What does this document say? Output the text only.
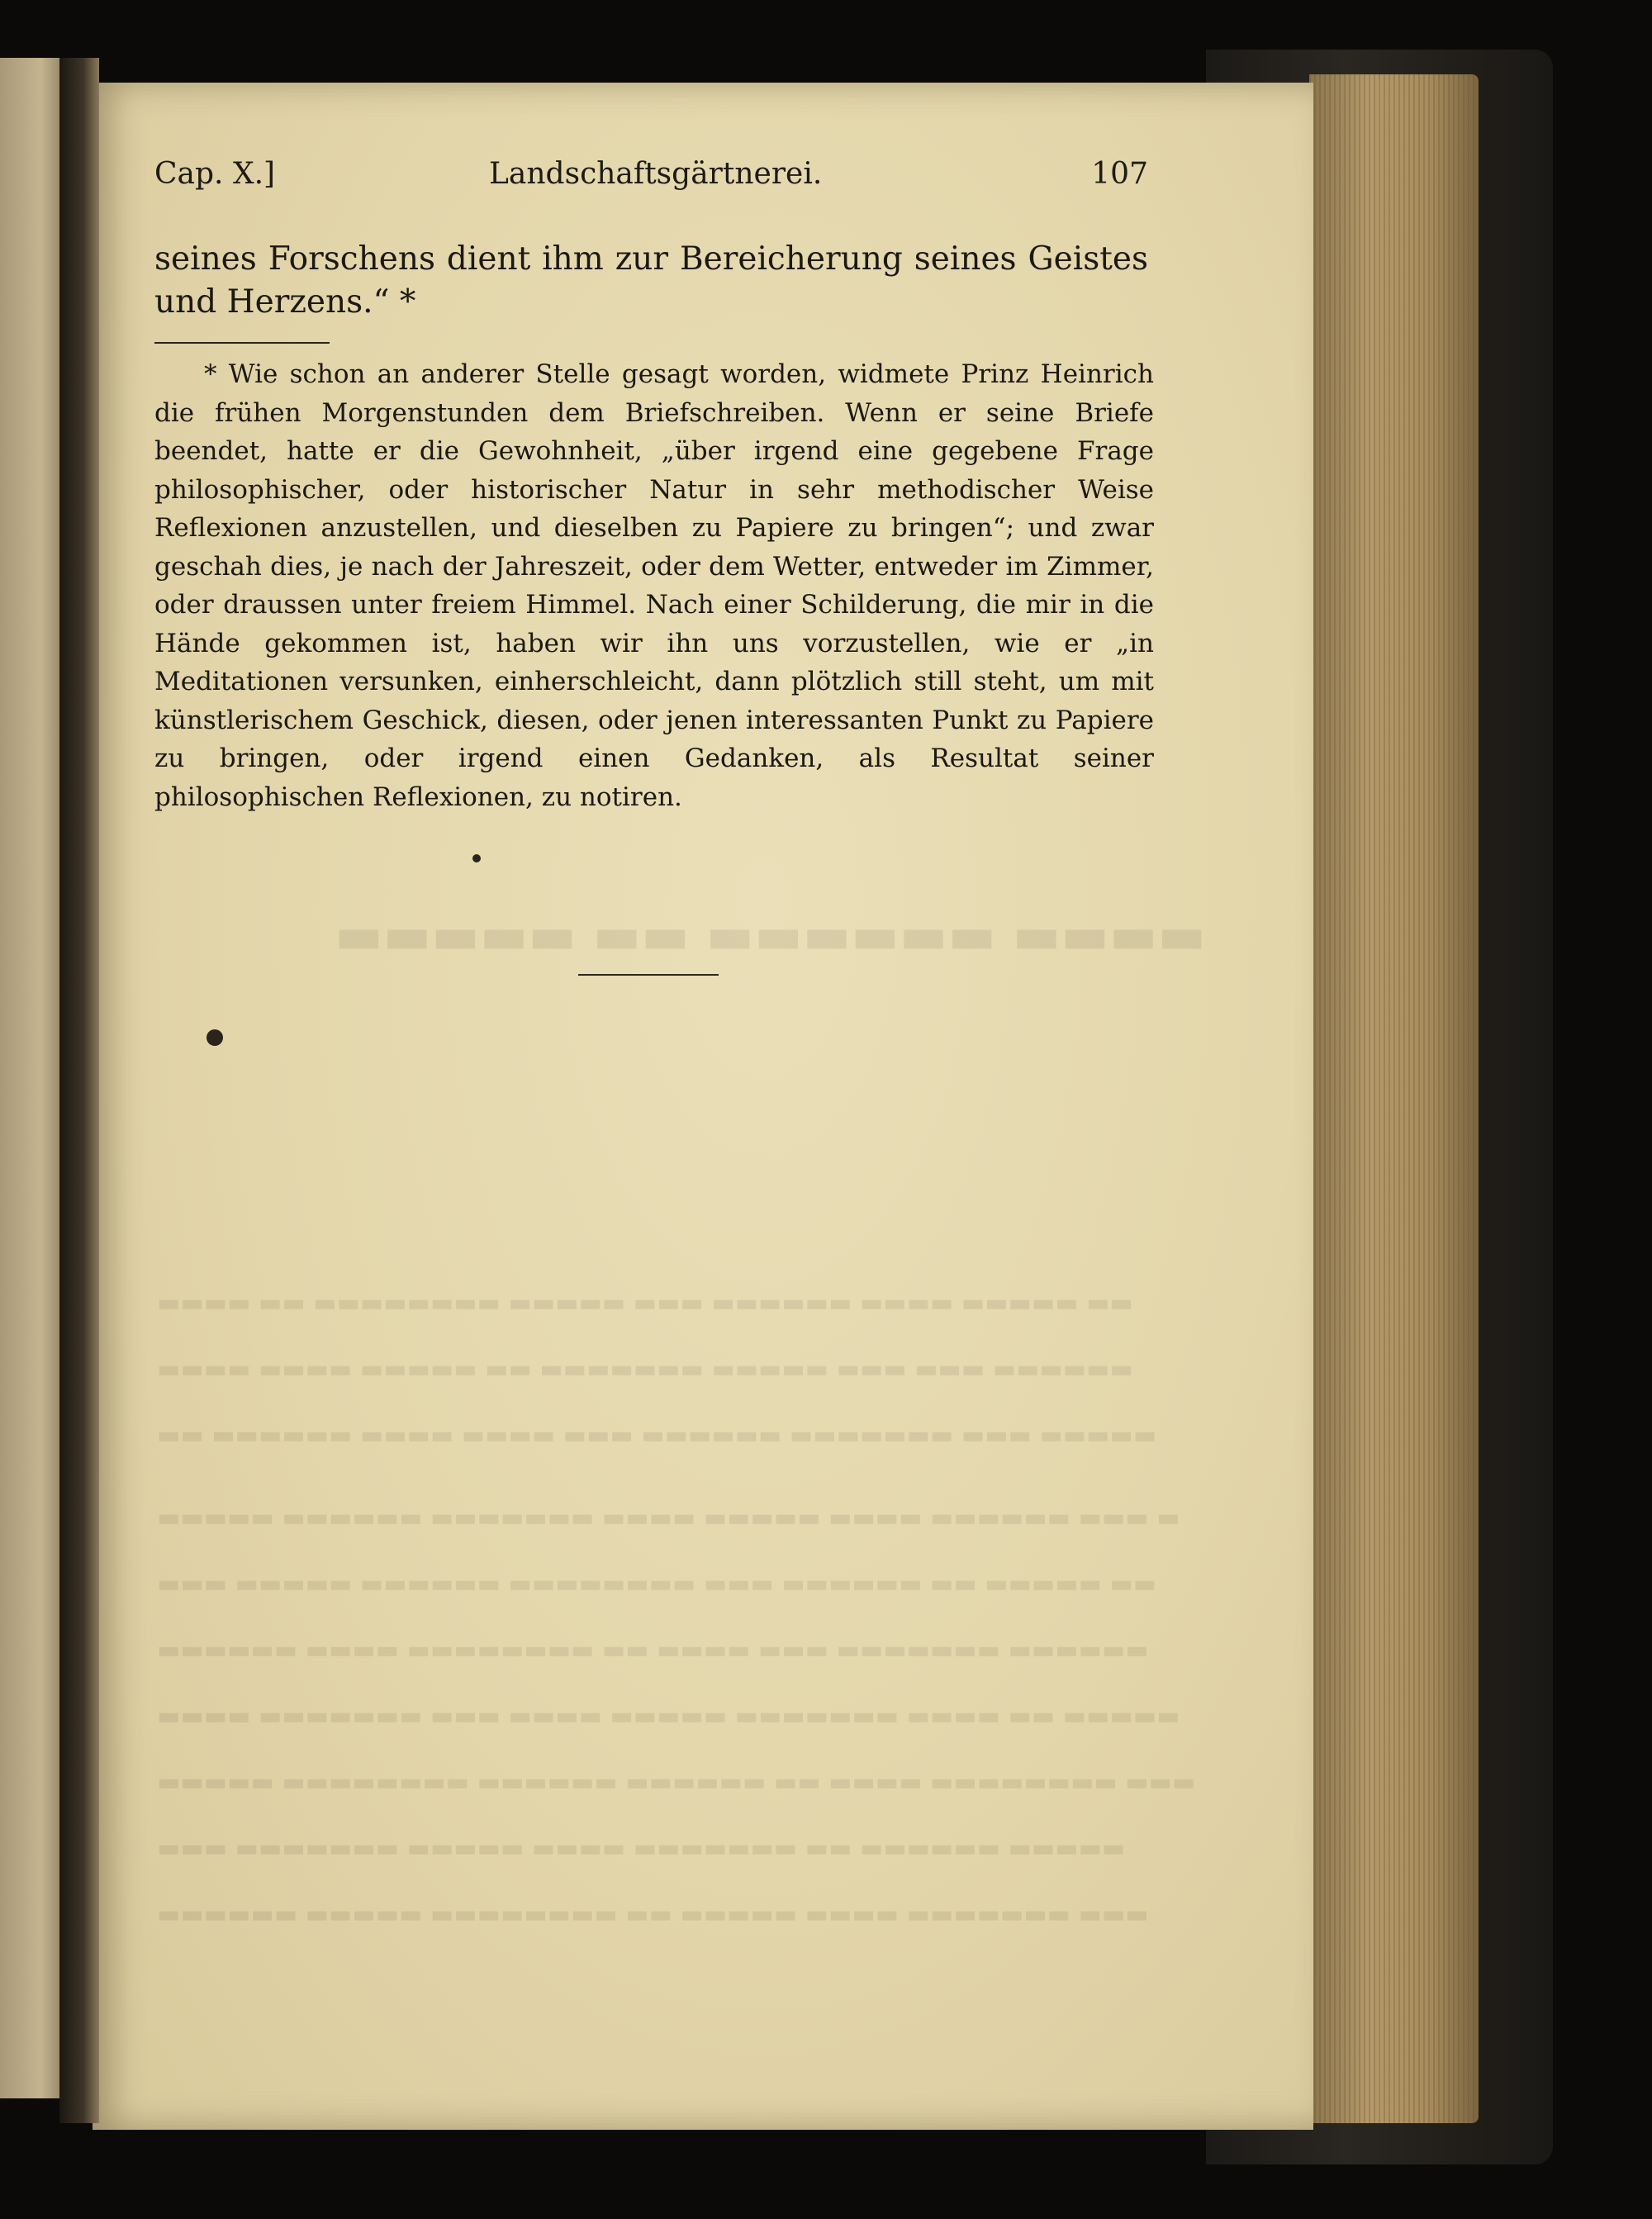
▬▬▬▬ ▬▬▬▬▬▬ ▬▬ ▬▬▬▬▬
▬▬ ▬▬▬▬▬ ▬▬▬▬ ▬▬▬▬▬▬ ▬▬▬ ▬▬▬▬▬ ▬▬▬▬▬▬▬▬ ▬▬ ▬▬▬▬
▬▬▬▬▬▬ ▬▬▬ ▬▬▬ ▬▬▬▬▬ ▬▬▬▬▬▬▬ ▬▬ ▬▬▬▬▬ ▬▬▬▬ ▬▬▬▬
▬▬▬▬▬ ▬▬▬ ▬▬▬▬▬▬▬ ▬▬▬▬▬▬ ▬▬▬ ▬▬▬▬ ▬▬▬▬ ▬▬▬▬▬▬ ▬▬
▬ ▬▬▬ ▬▬▬▬▬▬ ▬▬▬▬ ▬▬▬▬▬ ▬▬▬▬ ▬▬▬▬▬▬▬ ▬▬▬▬▬▬ ▬▬▬▬▬
▬▬ ▬▬▬▬▬ ▬▬ ▬▬▬▬▬▬ ▬▬▬ ▬▬▬▬▬▬▬▬ ▬▬▬▬▬▬ ▬▬▬▬▬ ▬▬▬
▬▬▬▬▬▬ ▬▬▬▬▬▬▬ ▬▬▬ ▬▬▬▬ ▬▬ ▬▬▬▬▬▬▬▬ ▬▬▬▬ ▬▬▬▬▬▬
▬▬▬▬▬ ▬▬ ▬▬▬▬ ▬▬▬▬▬▬▬ ▬▬▬▬▬ ▬▬▬▬ ▬▬▬ ▬▬▬▬▬▬▬ ▬▬▬▬
▬▬▬ ▬▬▬▬▬▬▬▬ ▬▬▬▬ ▬▬ ▬▬▬▬▬▬ ▬▬▬▬▬▬ ▬▬▬▬▬▬▬▬ ▬▬▬▬▬
▬▬▬▬▬ ▬▬▬▬▬▬ ▬▬ ▬▬▬▬▬▬▬ ▬▬▬▬ ▬▬▬▬▬ ▬▬▬▬▬▬▬ ▬▬▬
▬▬▬ ▬▬▬▬▬▬▬ ▬▬▬▬ ▬▬▬▬▬ ▬▬ ▬▬▬▬▬▬▬▬ ▬▬▬▬▬ ▬▬▬▬▬▬
Cap. X.]	Landschaftsgärtnerei.	107

seines Forschens dient ihm zur Bereicherung seines Geistes und Herzens.“ *

* Wie schon an anderer Stelle gesagt worden, widmete Prinz Heinrich die frühen Morgenstunden dem Briefschreiben. Wenn er seine Briefe beendet, hatte er die Gewohnheit, „über irgend eine gegebene Frage philosophischer, oder historischer Natur in sehr methodischer Weise Reflexionen anzustellen, und dieselben zu Papiere zu bringen“; und zwar geschah dies, je nach der Jahreszeit, oder dem Wetter, entweder im Zimmer, oder draussen unter freiem Himmel. Nach einer Schilderung, die mir in die Hände gekommen ist, haben wir ihn uns vorzustellen, wie er „in Meditationen versunken, einherschleicht, dann plötzlich still steht, um mit künstlerischem Geschick, diesen, oder jenen interessanten Punkt zu Papiere zu bringen, oder irgend einen Gedanken, als Resultat seiner philosophischen Reflexionen, zu notiren.
